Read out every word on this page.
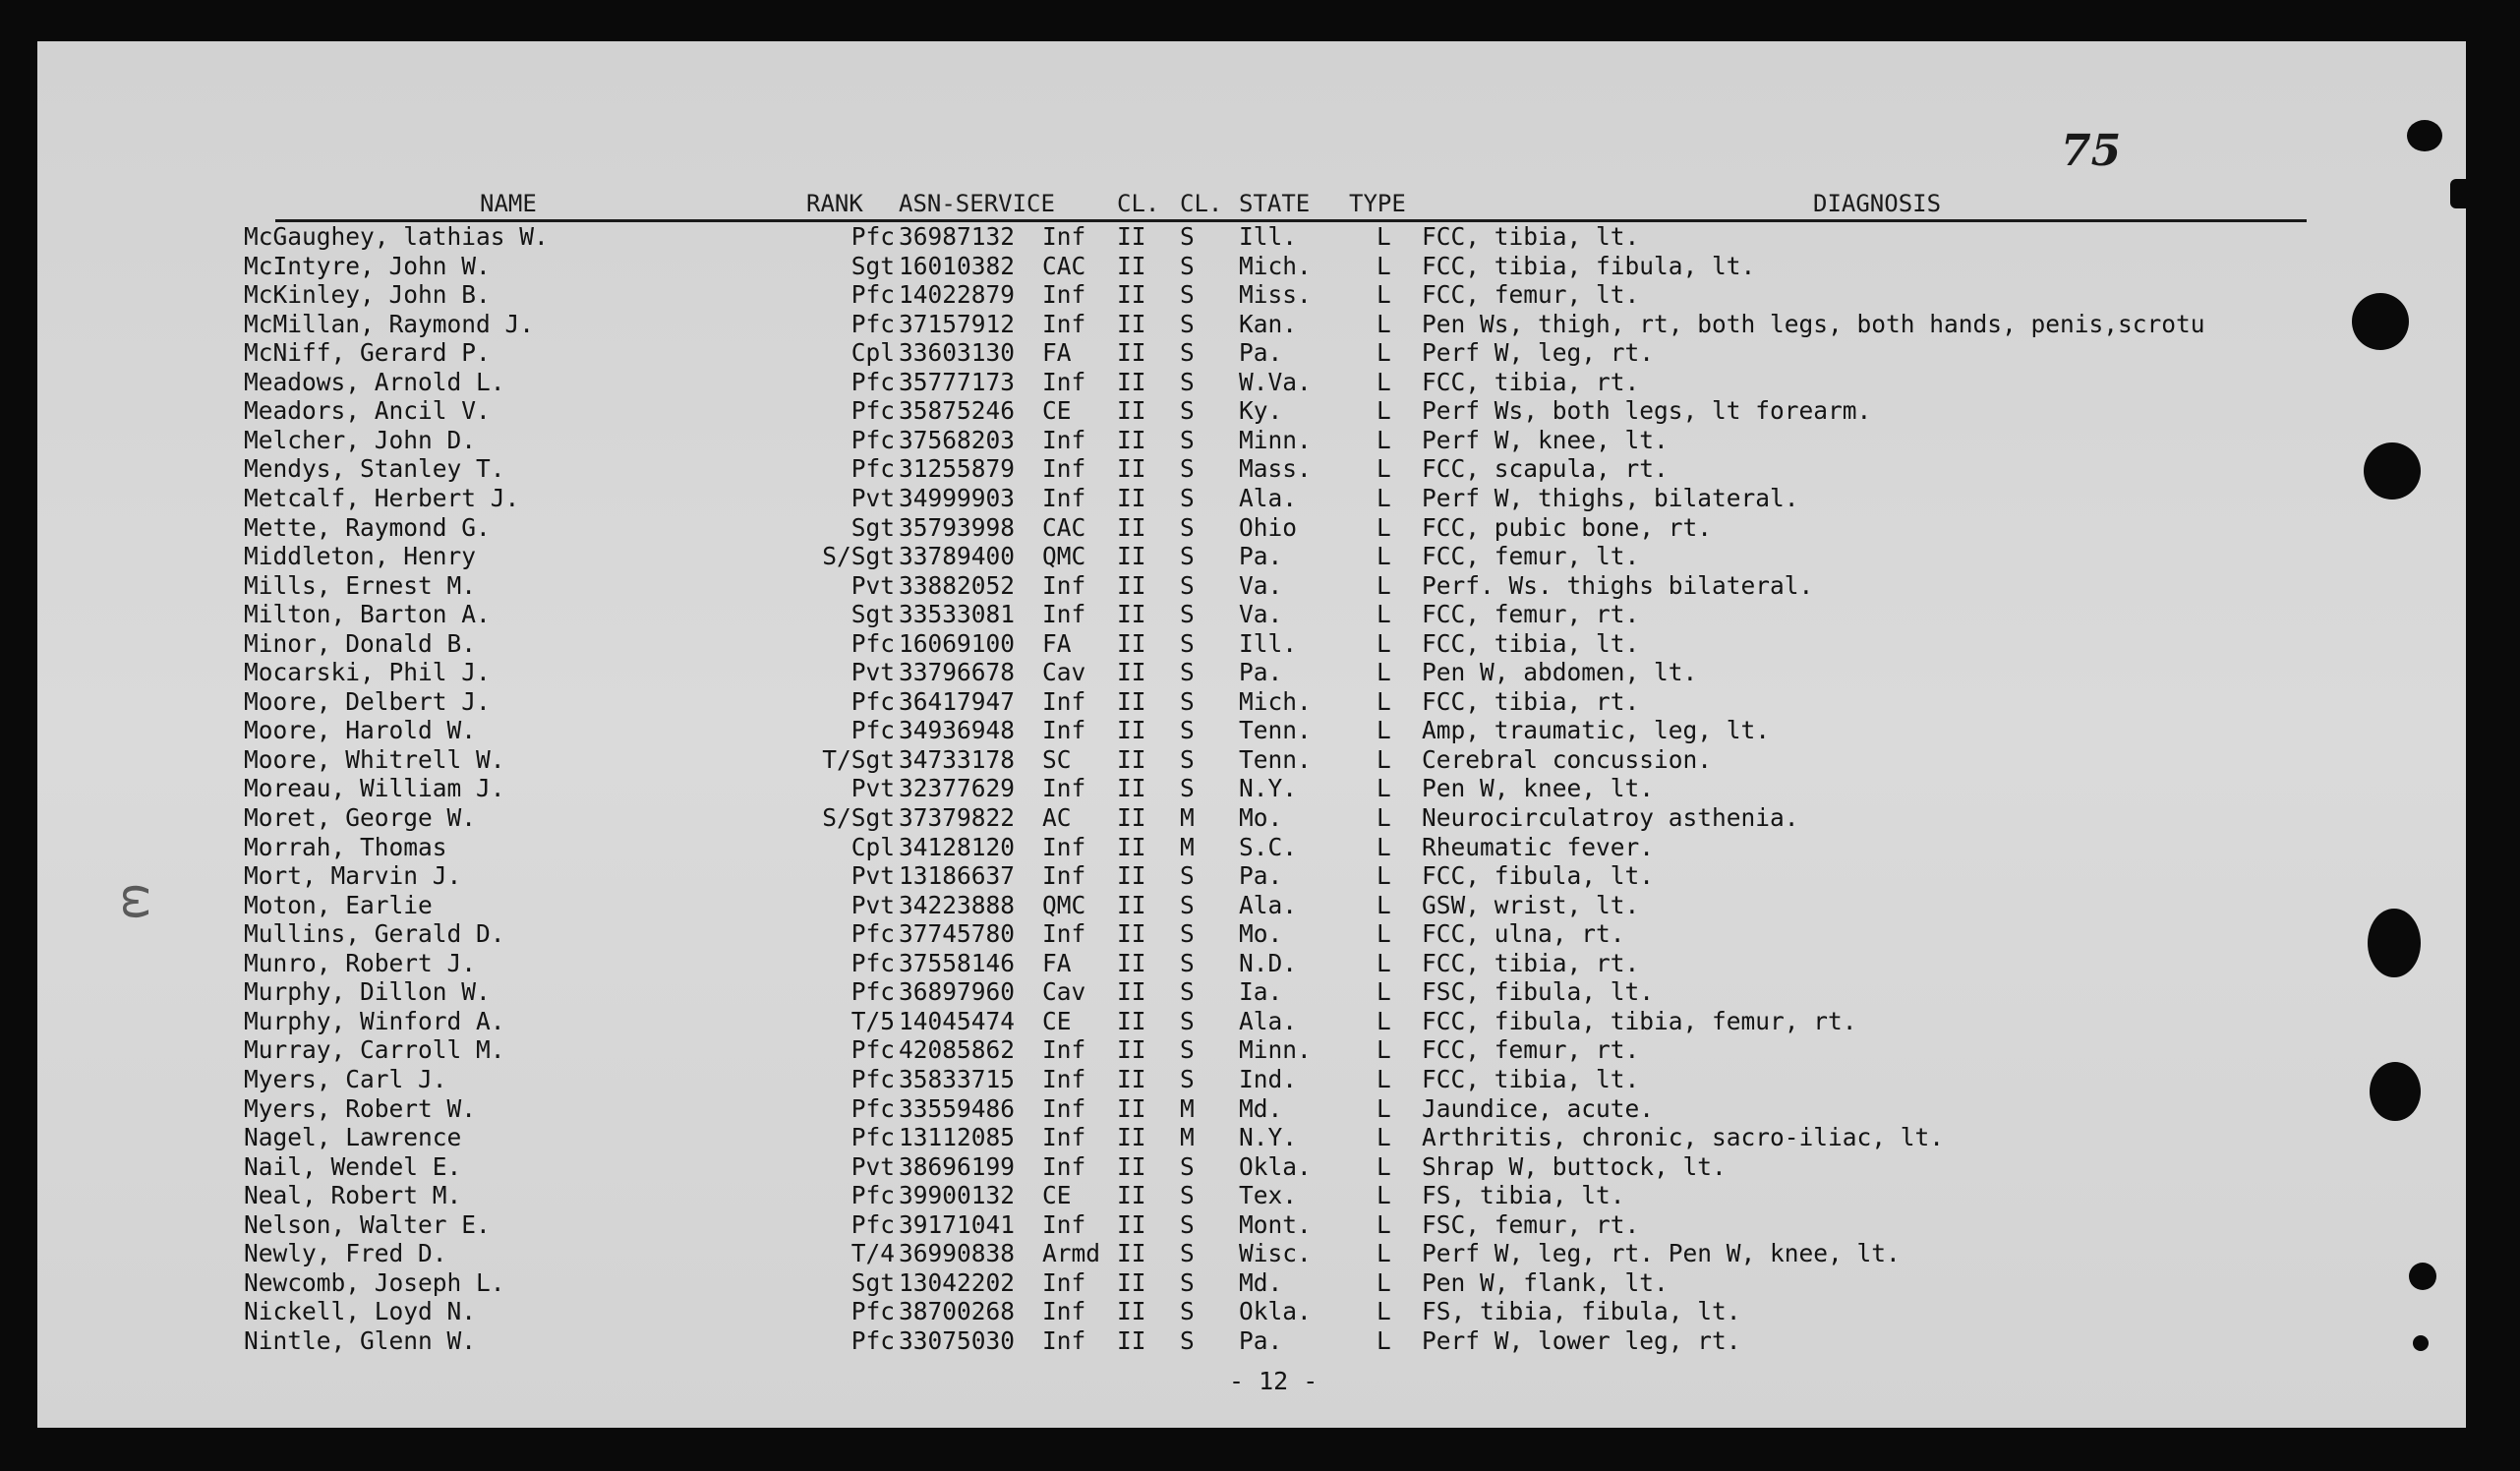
75
ω
NAME	RANK ASN-SERVICE	CL. CL. STATE TYPE	DIAGNOSIS
McGaughey, lathias W.	Pfc 36987132 Inf II S Ill.	L FCC, tibia, lt.
McIntyre, John W.	Sgt 16010382 CAC II S Mich.	L FCC, tibia, fibula, lt.
McKinley, John B.	Pfc 14022879 Inf II S Miss.	L FCC, femur, lt.
McMillan, Raymond J.	Pfc 37157912 Inf II S Kan.	L Pen Ws, thigh, rt, both legs, both hands, penis,scrotu
McNiff, Gerard P.	Cpl 33603130 FA II S Pa.	L Perf W, leg, rt.
Meadows, Arnold L.	Pfc 35777173 Inf II S W.Va.	L FCC, tibia, rt.
Meadors, Ancil V.	Pfc 35875246 CE II S Ky.	L Perf Ws, both legs, lt forearm.
Melcher, John D.	Pfc 37568203 Inf II S Minn.	L Perf W, knee, lt.
Mendys, Stanley T.	Pfc 31255879 Inf II S Mass.	L FCC, scapula, rt.
Metcalf, Herbert J.	Pvt 34999903 Inf II S Ala.	L Perf W, thighs, bilateral.
Mette, Raymond G.	Sgt 35793998 CAC II S Ohio	L FCC, pubic bone, rt.
Middleton, Henry	S/Sgt 33789400 QMC II S Pa.	L FCC, femur, lt.
Mills, Ernest M.	Pvt 33882052 Inf II S Va.	L Perf. Ws. thighs bilateral.
Milton, Barton A.	Sgt 33533081 Inf II S Va.	L FCC, femur, rt.
Minor, Donald B.	Pfc 16069100 FA II S Ill.	L FCC, tibia, lt.
Mocarski, Phil J.	Pvt 33796678 Cav II S Pa.	L Pen W, abdomen, lt.
Moore, Delbert J.	Pfc 36417947 Inf II S Mich.	L FCC, tibia, rt.
Moore, Harold W.	Pfc 34936948 Inf II S Tenn.	L Amp, traumatic, leg, lt.
Moore, Whitrell W.	T/Sgt 34733178 SC II S Tenn.	L Cerebral concussion.
Moreau, William J.	Pvt 32377629 Inf II S N.Y.	L Pen W, knee, lt.
Moret, George W.	S/Sgt 37379822 AC II M Mo.	L Neurocirculatroy asthenia.
Morrah, Thomas	Cpl 34128120 Inf II M S.C.	L Rheumatic fever.
Mort, Marvin J.	Pvt 13186637 Inf II S Pa.	L FCC, fibula, lt.
Moton, Earlie	Pvt 34223888 QMC II S Ala.	L GSW, wrist, lt.
Mullins, Gerald D.	Pfc 37745780 Inf II S Mo.	L FCC, ulna, rt.
Munro, Robert J.	Pfc 37558146 FA II S N.D.	L FCC, tibia, rt.
Murphy, Dillon W.	Pfc 36897960 Cav II S Ia.	L FSC, fibula, lt.
Murphy, Winford A.	T/5 14045474 CE II S Ala.	L FCC, fibula, tibia, femur, rt.
Murray, Carroll M.	Pfc 42085862 Inf II S Minn.	L FCC, femur, rt.
Myers, Carl J.	Pfc 35833715 Inf II S Ind.	L FCC, tibia, lt.
Myers, Robert W.	Pfc 33559486 Inf II M Md.	L Jaundice, acute.
Nagel, Lawrence	Pfc 13112085 Inf II M N.Y.	L Arthritis, chronic, sacro-iliac, lt.
Nail, Wendel E.	Pvt 38696199 Inf II S Okla.	L Shrap W, buttock, lt.
Neal, Robert M.	Pfc 39900132 CE II S Tex.	L FS, tibia, lt.
Nelson, Walter E.	Pfc 39171041 Inf II S Mont.	L FSC, femur, rt.
Newly, Fred D.	T/4 36990838 Armd II S Wisc.	L Perf W, leg, rt. Pen W, knee, lt.
Newcomb, Joseph L.	Sgt 13042202 Inf II S Md.	L Pen W, flank, lt.
Nickell, Loyd N.	Pfc 38700268 Inf II S Okla.	L FS, tibia, fibula, lt.
Nintle, Glenn W.	Pfc 33075030 Inf II S Pa.	L Perf W, lower leg, rt.
- 12 -
